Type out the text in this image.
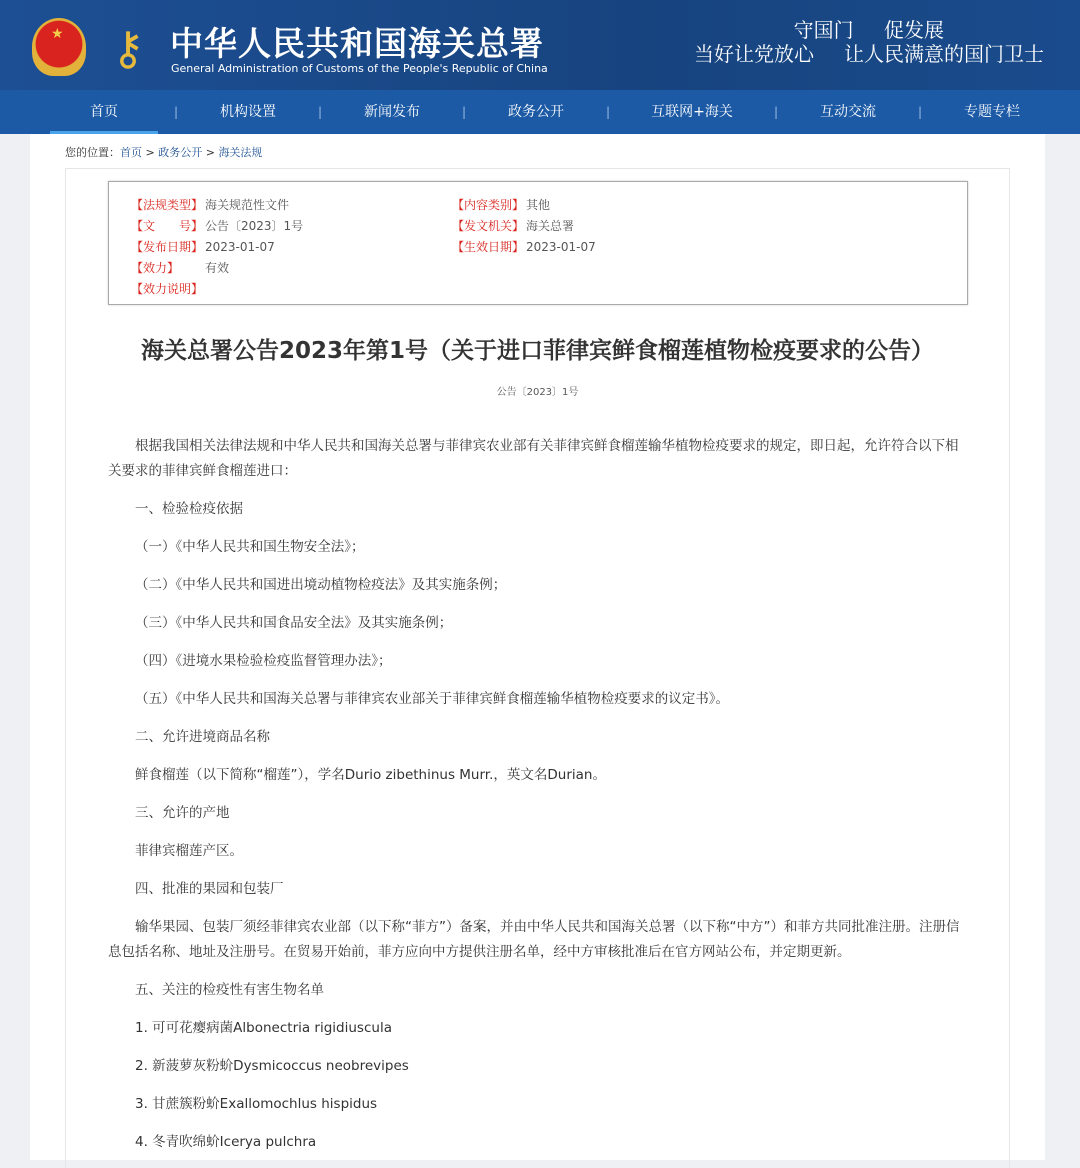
★
⚷ 中华人民共和国海关总署
General Administration of Customs of the People's Republic of China
守国门 促发展
当好让党放心 让人民满意的国门卫士
首页	|	机构设置	|	新闻发布	|	政务公开	|	互联网+海关	|	互动交流	|	专题专栏
您的位置：首页 > 政务公开 > 海关法规
【法规类型】 海关规范性文件	【内容类别】 其他
【文　　号】 公告〔2023〕1号	【发文机关】 海关总署
【发布日期】 2023-01-07	【生效日期】 2023-01-07
【效力】 有效
【效力说明】
海关总署公告2023年第1号（关于进口菲律宾鲜食榴莲植物检疫要求的公告）
公告〔2023〕1号

根据我国相关法律法规和中华人民共和国海关总署与菲律宾农业部有关菲律宾鲜食榴莲输华植物检疫要求的规定，即日起，允许符合以下相关要求的菲律宾鲜食榴莲进口：

一、检验检疫依据

（一）《中华人民共和国生物安全法》；

（二）《中华人民共和国进出境动植物检疫法》及其实施条例；

（三）《中华人民共和国食品安全法》及其实施条例；

（四）《进境水果检验检疫监督管理办法》；

（五）《中华人民共和国海关总署与菲律宾农业部关于菲律宾鲜食榴莲输华植物检疫要求的议定书》。

二、允许进境商品名称

鲜食榴莲（以下简称“榴莲”），学名Durio zibethinus Murr.，英文名Durian。

三、允许的产地

菲律宾榴莲产区。

四、批准的果园和包装厂

输华果园、包装厂须经菲律宾农业部（以下称“菲方”）备案，并由中华人民共和国海关总署（以下称“中方”）和菲方共同批准注册。注册信息包括名称、地址及注册号。在贸易开始前，菲方应向中方提供注册名单，经中方审核批准后在官方网站公布，并定期更新。

五、关注的检疫性有害生物名单

1. 可可花瘿病菌Albonectria rigidiuscula

2. 新菠萝灰粉蚧Dysmicoccus neobrevipes

3. 甘蔗簇粉蚧Exallomochlus hispidus

4. 冬青吹绵蚧Icerya pulchra
